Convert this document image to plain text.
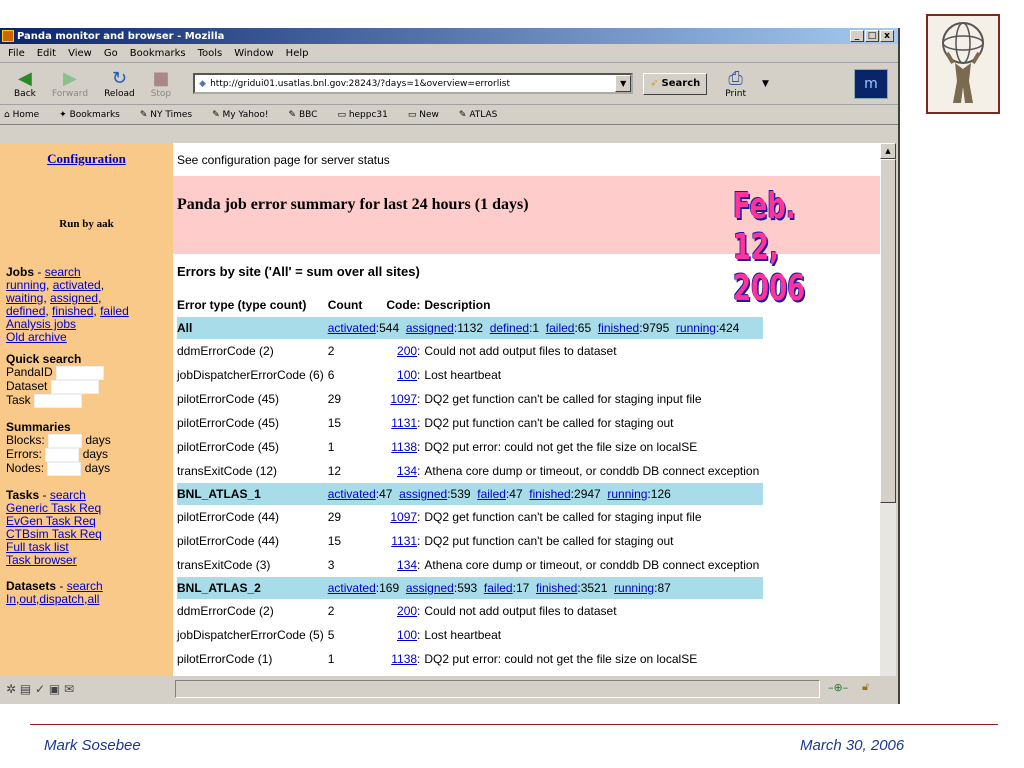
Panda monitor and browser - Mozilla	_ □ x
File Edit View Go Bookmarks Tools Window Help
◀
Back
▶
Forward
↻
Reload
■
Stop
◆ http://gridui01.usatlas.bnl.gov:28243/?days=1&overview=errorlist	▼	➶ Search ⎙
Print
▼	m
⌂ Home	✦ Bookmarks	✎ NY Times	✎ My Yahoo!	✎ BBC	▭ heppc31	▭ New	✎ ATLAS
Configuration
Run by aak
Jobs - search
running, activated,
waiting, assigned,
defined, finished, failed
Analysis jobs
Old archive
Quick search
PandaID
Dataset
Task
Summaries
Blocks:	days
Errors:	days
Nodes:	days
Tasks - search
Generic Task Req
EvGen Task Req
CTBsim Task Req
Full task list
Task browser
Datasets - search
In,out,dispatch,all
See configuration page for server status
Panda job error summary for last 24 hours (1 days)	Feb. 12, 2006
Errors by site ('All' = sum over all sites)
Error type (type count)	Count	Code:	Description
All	activated:544 assigned:1132 defined:1 failed:65 finished:9795 running:424		
ddmErrorCode (2)	2	200:	Could not add output files to dataset
jobDispatcherErrorCode (6)	6	100:	Lost heartbeat
pilotErrorCode (45)	29	1097:	DQ2 get function can't be called for staging input file
pilotErrorCode (45)	15	1131:	DQ2 put function can't be called for staging out
pilotErrorCode (45)	1	1138:	DQ2 put error: could not get the file size on localSE
transExitCode (12)	12	134:	Athena core dump or timeout, or conddb DB connect exception
BNL_ATLAS_1	activated:47 assigned:539 failed:47 finished:2947 running:126		
pilotErrorCode (44)	29	1097:	DQ2 get function can't be called for staging input file
pilotErrorCode (44)	15	1131:	DQ2 put function can't be called for staging out
transExitCode (3)	3	134:	Athena core dump or timeout, or conddb DB connect exception
BNL_ATLAS_2	activated:169 assigned:593 failed:17 finished:3521 running:87		
ddmErrorCode (2)	2	200:	Could not add output files to dataset
jobDispatcherErrorCode (5)	5	100:	Lost heartbeat
pilotErrorCode (1)	1	1138:	DQ2 put error: could not get the file size on localSE
▲
✲ ▤ ✓ ▣ ✉	–⊕– 🔓︎
Mark Sosebee	March 30, 2006
